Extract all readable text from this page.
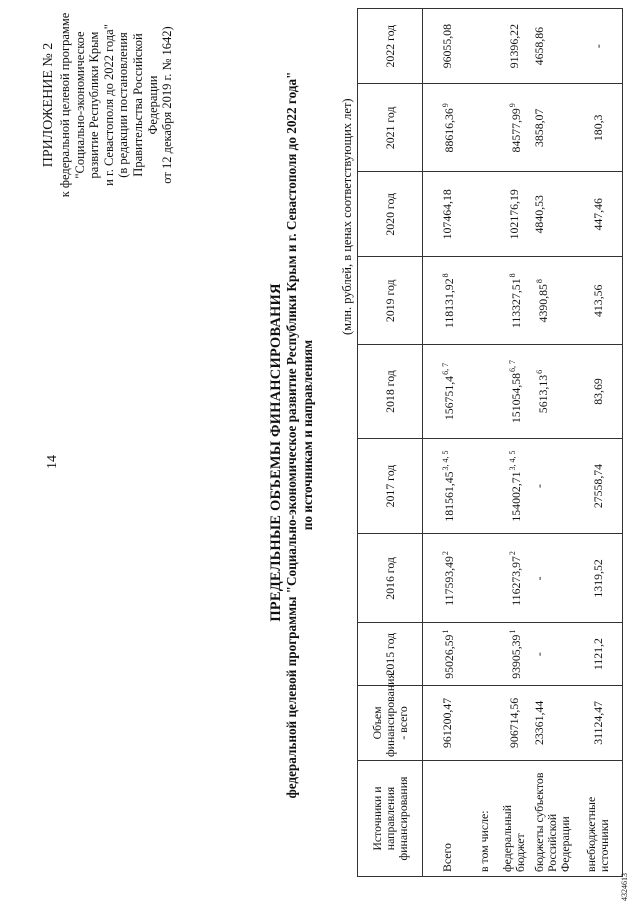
14
ПРИЛОЖЕНИЕ № 2 к федеральной целевой программе "Социально-экономическое развитие Республики Крым и г. Севастополя до 2022 года" (в редакции постановления Правительства Российской Федерации от 12 декабря 2019 г. № 1642)
ПРЕДЕЛЬНЫЕ ОБЪЕМЫ ФИНАНСИРОВАНИЯ федеральной целевой программы "Социально-экономическое развитие Республики Крым и г. Севастополя до 2022 года" по источникам и направлениям
(млн. рублей, в ценах соответствующих лет)
Источники и направления финансирования	Объем финансирования - всего	2015 год	2016 год	2017 год	2018 год	2019 год	2020 год	2021 год	2022 год
Всего	961200,47	95026,59$^1$	117593,49$^2$	181561,45$^{3, 4, 5}$	156751,4$^{6, 7}$	118131,92$^8$	107464,18	88616,36$^9$	96055,08
в том числе:									
федеральный бюджет	906714,56	93905,39$^1$	116273,97$^2$	154002,71$^{3, 4, 5}$	151054,58$^{6, 7}$	113327,51$^8$	102176,19	84577,99$^9$	91396,22
бюджеты субъектов Российской Федерации	23361,44	-	-	-	5613,13$^6$	4390,85$^8$	4840,53	3858,07	4658,86
внебюджетные источники	31124,47	1121,2	1319,52	27558,74	83,69	413,56	447,46	180,3	-
4324613
